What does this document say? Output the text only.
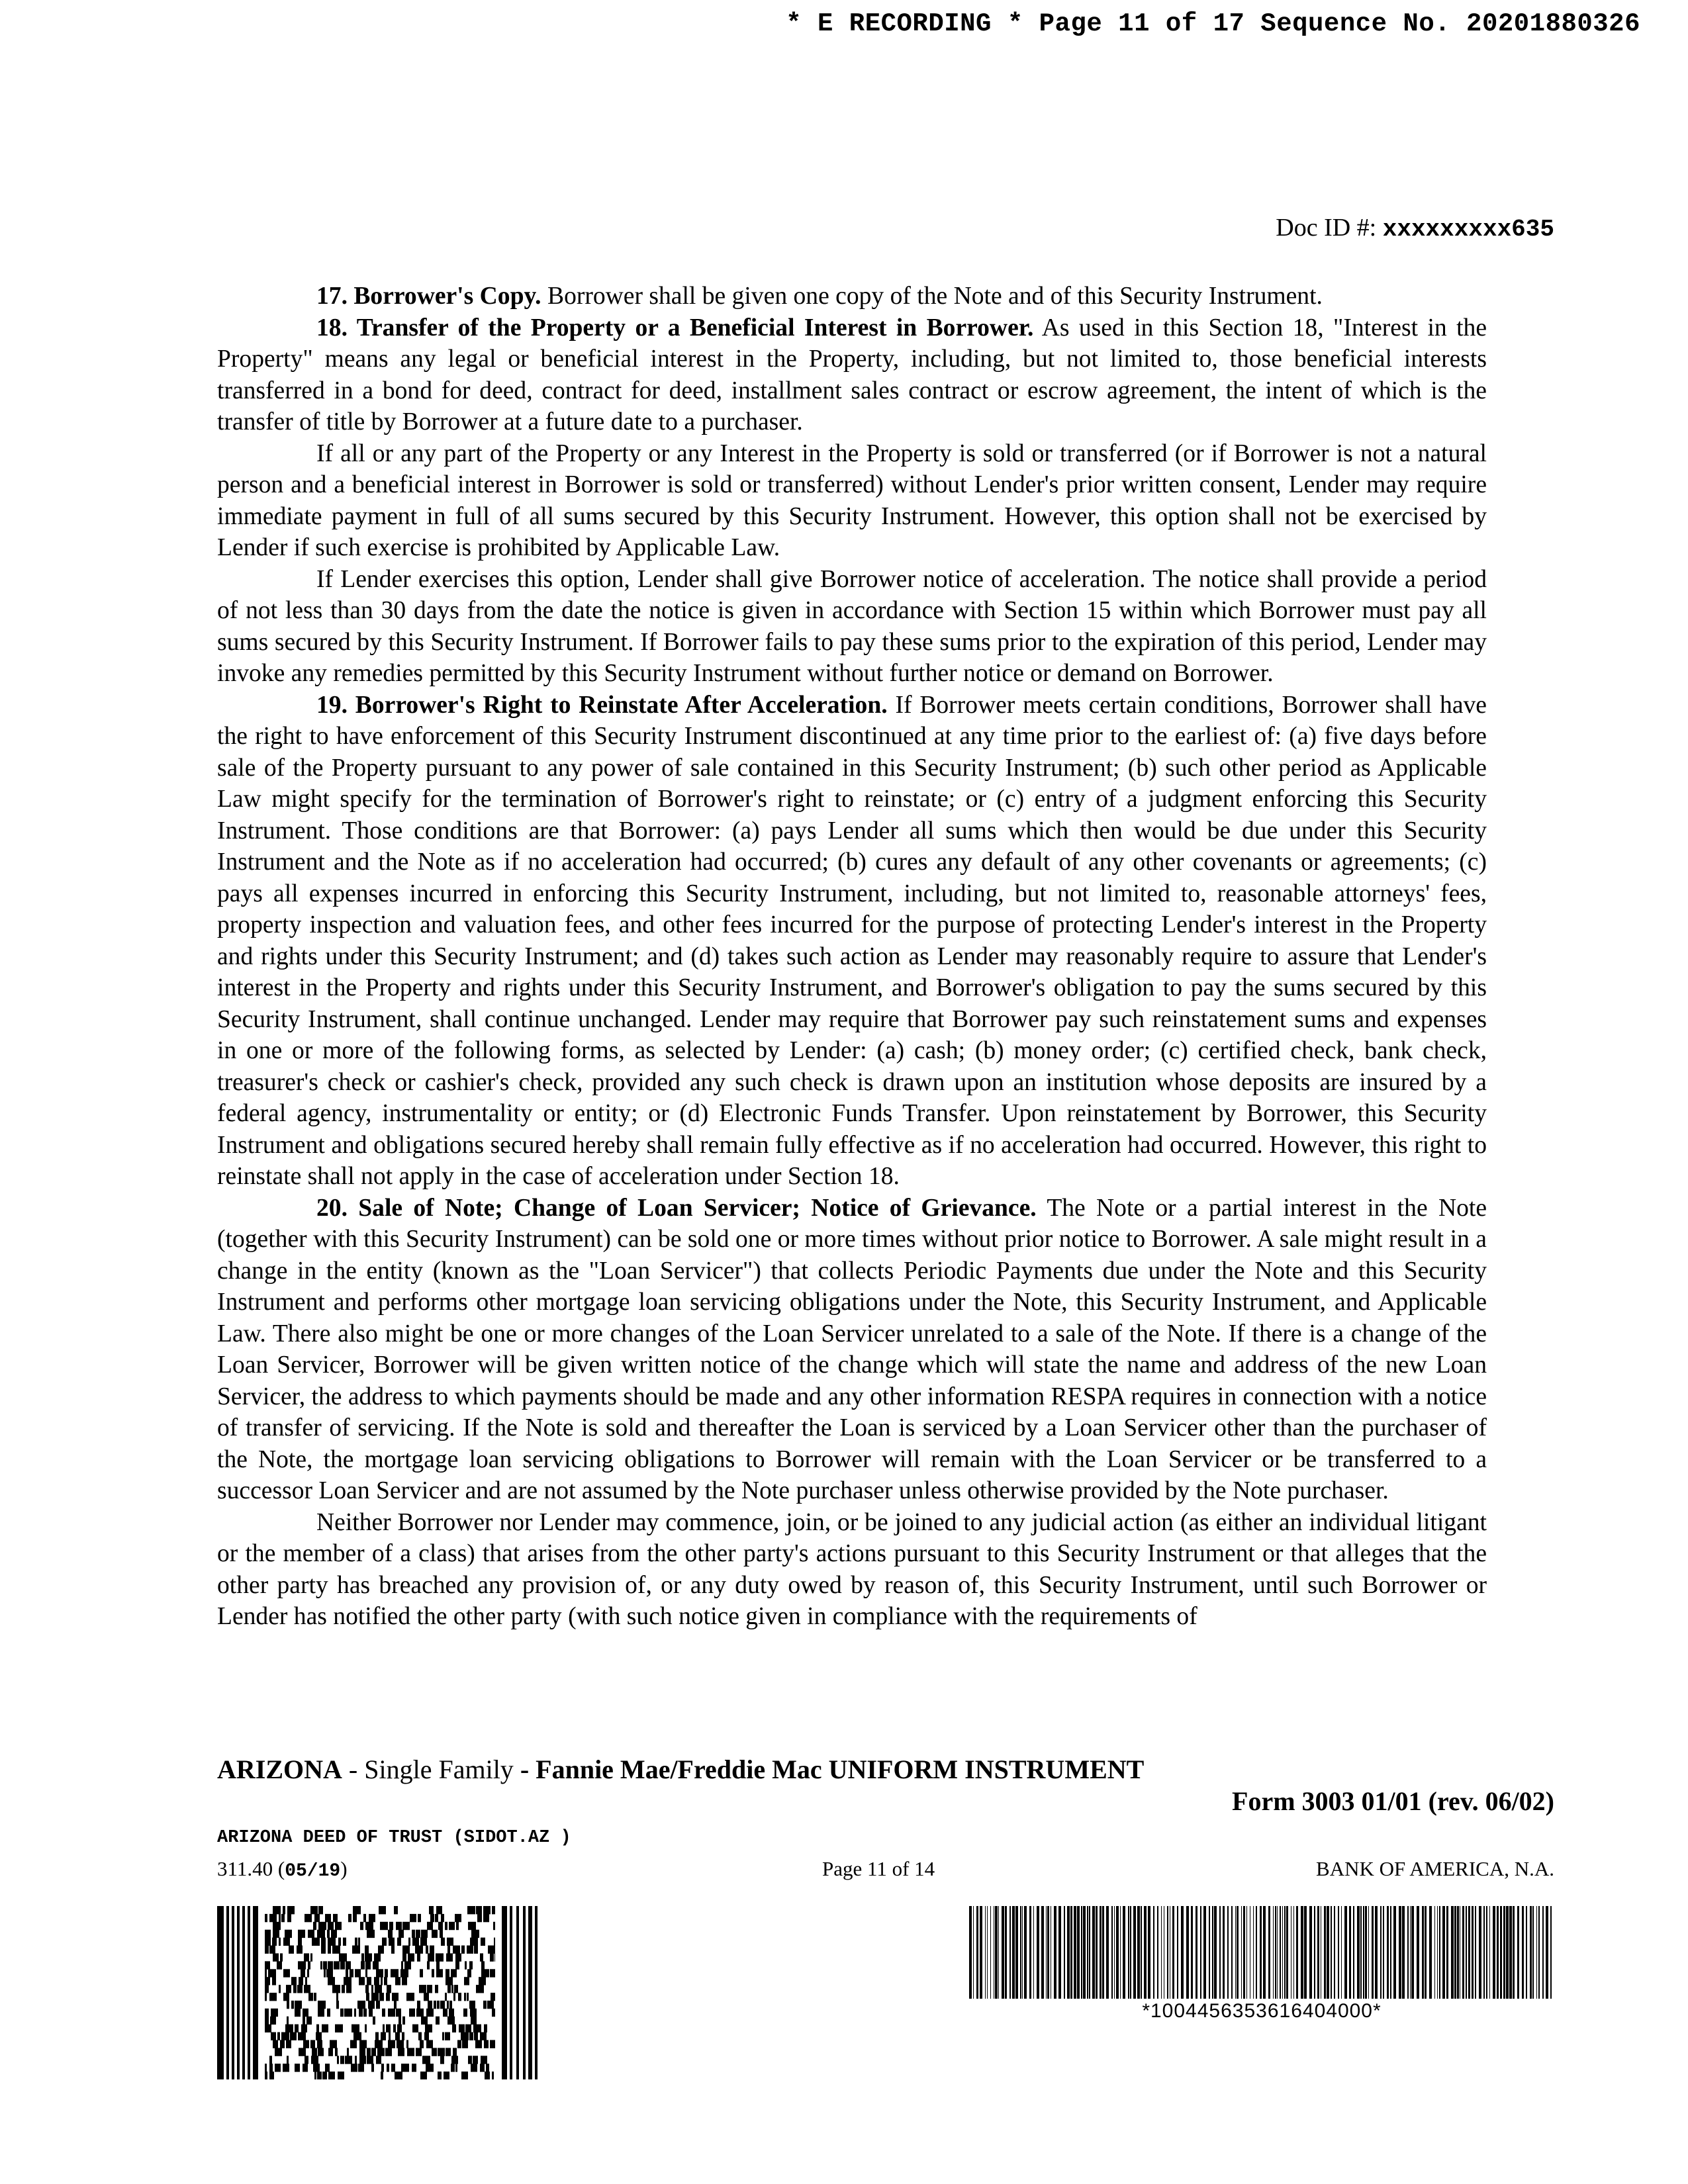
* E RECORDING * Page 11 of 17 Sequence No. 20201880326
Doc ID #: xxxxxxxxx635

17. Borrower's Copy. Borrower shall be given one copy of the Note and of this Security Instrument.

18. Transfer of the Property or a Beneficial Interest in Borrower. As used in this Section 18, "Interest in the Property" means any legal or beneficial interest in the Property, including, but not limited to, those beneficial interests transferred in a bond for deed, contract for deed, installment sales contract or escrow agreement, the intent of which is the transfer of title by Borrower at a future date to a purchaser.

If all or any part of the Property or any Interest in the Property is sold or transferred (or if Borrower is not a natural person and a beneficial interest in Borrower is sold or transferred) without Lender's prior written consent, Lender may require immediate payment in full of all sums secured by this Security Instrument. However, this option shall not be exercised by Lender if such exercise is prohibited by Applicable Law.

If Lender exercises this option, Lender shall give Borrower notice of acceleration. The notice shall provide a period of not less than 30 days from the date the notice is given in accordance with Section 15 within which Borrower must pay all sums secured by this Security Instrument. If Borrower fails to pay these sums prior to the expiration of this period, Lender may invoke any remedies permitted by this Security Instrument without further notice or demand on Borrower.

19. Borrower's Right to Reinstate After Acceleration. If Borrower meets certain conditions, Borrower shall have the right to have enforcement of this Security Instrument discontinued at any time prior to the earliest of: (a) five days before sale of the Property pursuant to any power of sale contained in this Security Instrument; (b) such other period as Applicable Law might specify for the termination of Borrower's right to reinstate; or (c) entry of a judgment enforcing this Security Instrument. Those conditions are that Borrower: (a) pays Lender all sums which then would be due under this Security Instrument and the Note as if no acceleration had occurred; (b) cures any default of any other covenants or agreements; (c) pays all expenses incurred in enforcing this Security Instrument, including, but not limited to, reasonable attorneys' fees, property inspection and valuation fees, and other fees incurred for the purpose of protecting Lender's interest in the Property and rights under this Security Instrument; and (d) takes such action as Lender may reasonably require to assure that Lender's interest in the Property and rights under this Security Instrument, and Borrower's obligation to pay the sums secured by this Security Instrument, shall continue unchanged. Lender may require that Borrower pay such reinstatement sums and expenses in one or more of the following forms, as selected by Lender: (a) cash; (b) money order; (c) certified check, bank check, treasurer's check or cashier's check, provided any such check is drawn upon an institution whose deposits are insured by a federal agency, instrumentality or entity; or (d) Electronic Funds Transfer. Upon reinstatement by Borrower, this Security Instrument and obligations secured hereby shall remain fully effective as if no acceleration had occurred. However, this right to reinstate shall not apply in the case of acceleration under Section 18.

20. Sale of Note; Change of Loan Servicer; Notice of Grievance. The Note or a partial interest in the Note (together with this Security Instrument) can be sold one or more times without prior notice to Borrower. A sale might result in a change in the entity (known as the "Loan Servicer") that collects Periodic Payments due under the Note and this Security Instrument and performs other mortgage loan servicing obligations under the Note, this Security Instrument, and Applicable Law. There also might be one or more changes of the Loan Servicer unrelated to a sale of the Note. If there is a change of the Loan Servicer, Borrower will be given written notice of the change which will state the name and address of the new Loan Servicer, the address to which payments should be made and any other information RESPA requires in connection with a notice of transfer of servicing. If the Note is sold and thereafter the Loan is serviced by a Loan Servicer other than the purchaser of the Note, the mortgage loan servicing obligations to Borrower will remain with the Loan Servicer or be transferred to a successor Loan Servicer and are not assumed by the Note purchaser unless otherwise provided by the Note purchaser.

Neither Borrower nor Lender may commence, join, or be joined to any judicial action (as either an individual litigant or the member of a class) that arises from the other party's actions pursuant to this Security Instrument or that alleges that the other party has breached any provision of, or any duty owed by reason of, this Security Instrument, until such Borrower or Lender has notified the other party (with such notice given in compliance with the requirements of

ARIZONA - Single Family - Fannie Mae/Freddie Mac UNIFORM INSTRUMENT
Form 3003 01/01 (rev. 06/02)
ARIZONA DEED OF TRUST (SIDOT.AZ )
311.40 (05/19)	Page 11 of 14	BANK OF AMERICA, N.A.
*1004456353616404000*
